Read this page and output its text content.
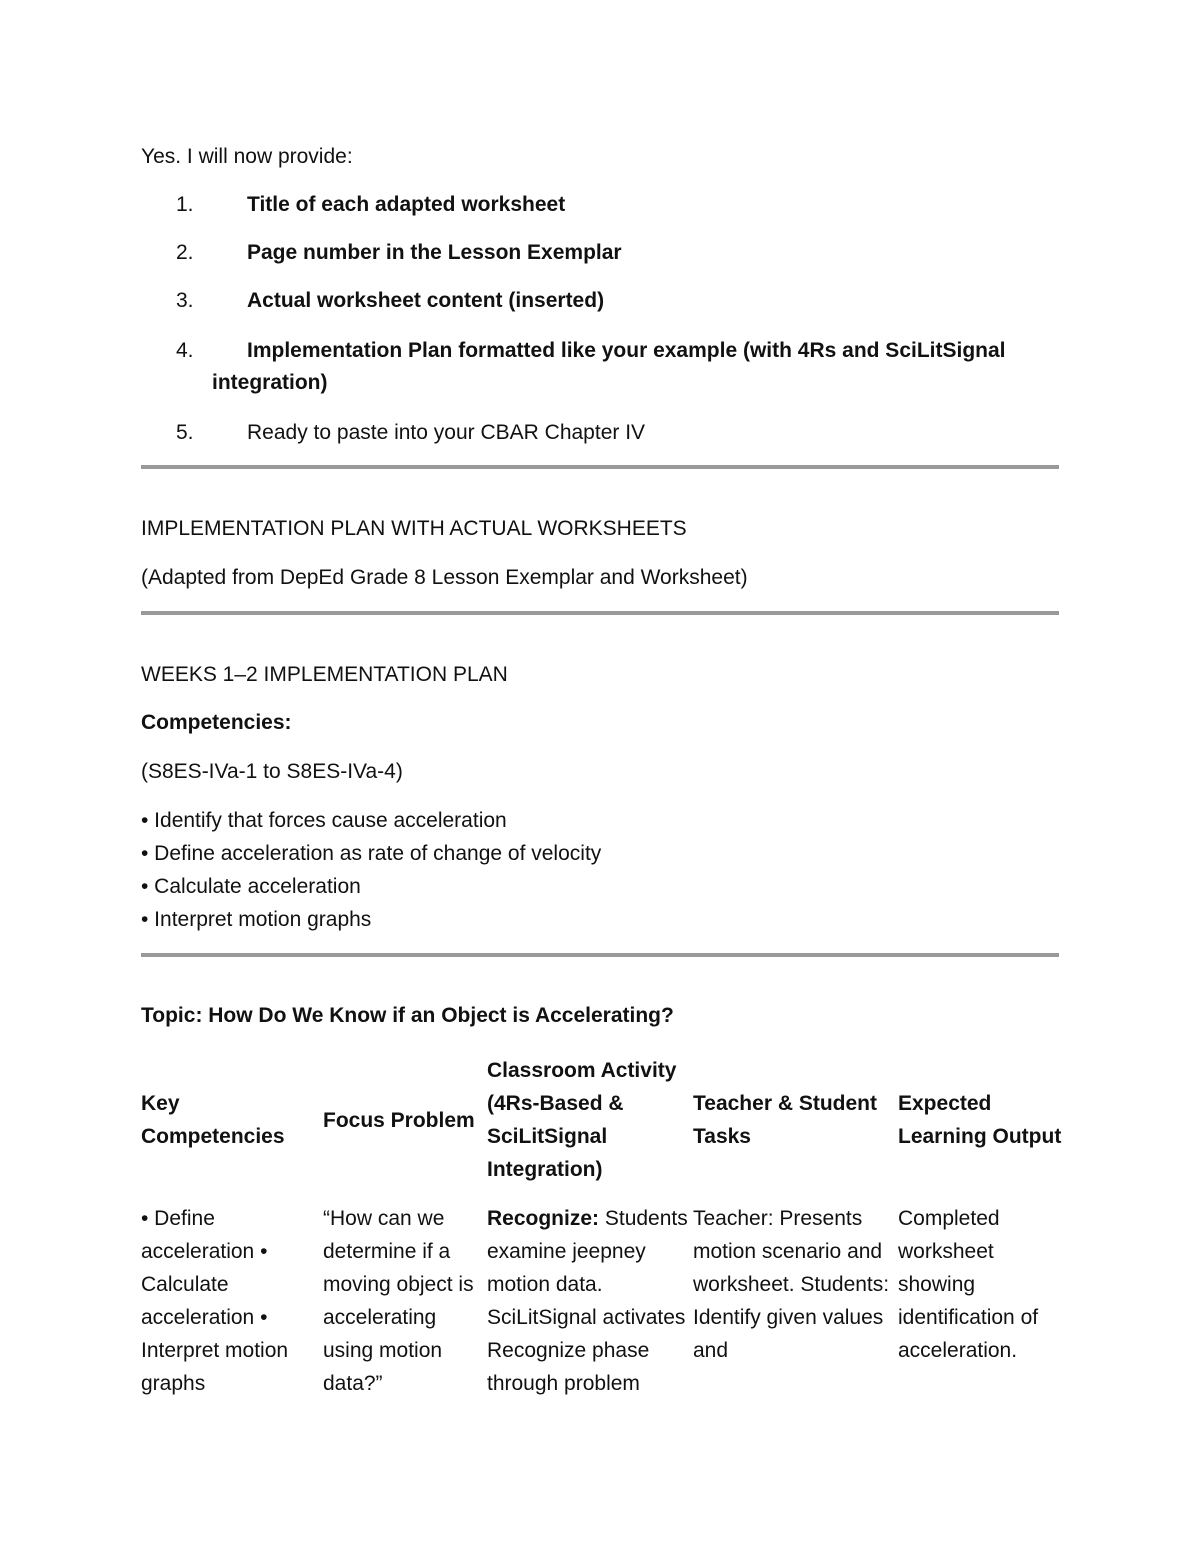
Yes. I will now provide:
1.	Title of each adapted worksheet
2.	Page number in the Lesson Exemplar
3.	Actual worksheet content (inserted)
4.	Implementation Plan formatted like your example (with 4Rs and SciLitSignal
integration)
5.	Ready to paste into your CBAR Chapter IV
IMPLEMENTATION PLAN WITH ACTUAL WORKSHEETS
(Adapted from DepEd Grade 8 Lesson Exemplar and Worksheet)
WEEKS 1–2 IMPLEMENTATION PLAN
Competencies:
(S8ES-IVa-1 to S8ES-IVa-4)
• Identify that forces cause acceleration
• Define acceleration as rate of change of velocity
• Calculate acceleration
• Interpret motion graphs
Topic: How Do We Know if an Object is Accelerating?
Key Competencies	Focus Problem	Classroom Activity (4Rs-Based & SciLitSignal Integration)	Teacher & Student Tasks	Expected Learning Output
• Define acceleration • Calculate acceleration • Interpret motion graphs	“How can we determine if a moving object is accelerating using motion data?”	Recognize: Students examine jeepney motion data. SciLitSignal activates Recognize phase through problem	Teacher: Presents motion scenario and worksheet. Students: Identify given values and	Completed worksheet showing identification of acceleration.
